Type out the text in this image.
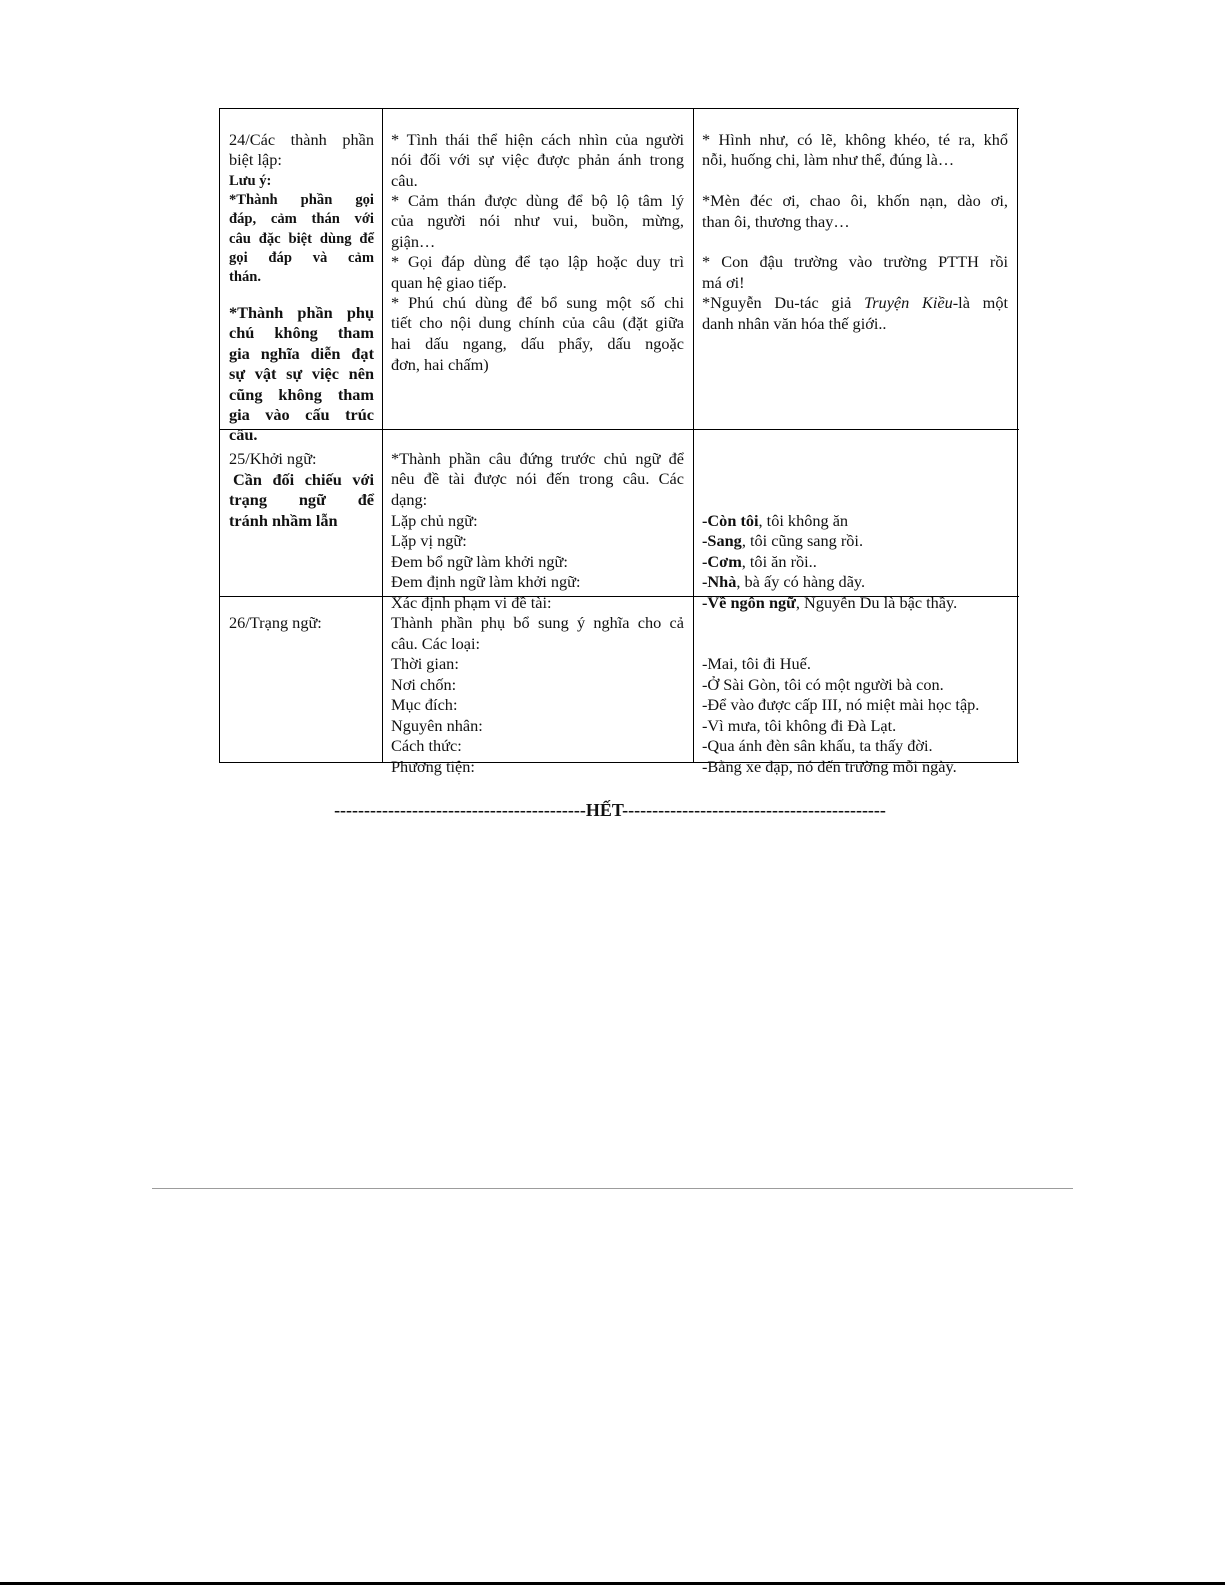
24/Các thành phần
biệt lập:
Lưu ý:
*Thành phần gọi
đáp, cảm thán với
câu đặc biệt dùng để
gọi đáp và cảm
thán.
*Thành phần phụ
chú không tham
gia nghĩa diễn đạt
sự vật sự việc nên
cũng không tham
gia vào cấu trúc
câu.
* Tình thái thể hiện cách nhìn của người
nói đối với sự việc được phản ánh trong
câu.
* Cảm thán được dùng để bộ lộ tâm lý
của người nói như vui, buồn, mừng,
giận…
* Gọi đáp dùng để tạo lập hoặc duy trì
quan hệ giao tiếp.
* Phú chú dùng để bổ sung một số chi
tiết cho nội dung chính của câu (đặt giữa
hai dấu ngang, dấu phẩy, dấu ngoặc
đơn, hai chấm)
* Hình như, có lẽ, không khéo, té ra, khổ
nỗi, huống chi, làm như thể, đúng là…
*Mèn đéc ơi, chao ôi, khốn nạn, dào ơi,
than ôi, thương thay…
* Con đậu trường vào trường PTTH rồi
má ơi!
*Nguyễn Du-tác giả Truyện Kiều-là một
danh nhân văn hóa thế giới..
25/Khởi ngữ:
Cần đối chiếu với
trạng ngữ để
tránh nhầm lẫn
*Thành phần câu đứng trước chủ ngữ để
nêu đề tài được nói đến trong câu. Các
dạng:
Lặp chủ ngữ:
Lặp vị ngữ:
Đem bổ ngữ làm khởi ngữ:
Đem định ngữ làm khởi ngữ:
-Còn tôi, tôi không ăn
-Sang, tôi cũng sang rồi.
-Cơm, tôi ăn rồi..
-Nhà, bà ấy có hàng dãy.
26/Trạng ngữ:
Xác định phạm vi đề tài:
Thành phần phụ bổ sung ý nghĩa cho cả
câu. Các loại:
Thời gian:
Nơi chốn:
Mục đích:
Nguyên nhân:
Cách thức:
Phương tiện:
-Về ngôn ngữ, Nguyễn Du là bậc thầy.
-Mai, tôi đi Huế.
-Ở Sài Gòn, tôi có một người bà con.
-Để vào được cấp III, nó miệt mài học tập.
-Vì mưa, tôi không đi Đà Lạt.
-Qua ánh đèn sân khấu, ta thấy đời.
-Bằng xe đạp, nó đến trường mỗi ngày.
------------------------------------------HẾT--------------------------------------------
